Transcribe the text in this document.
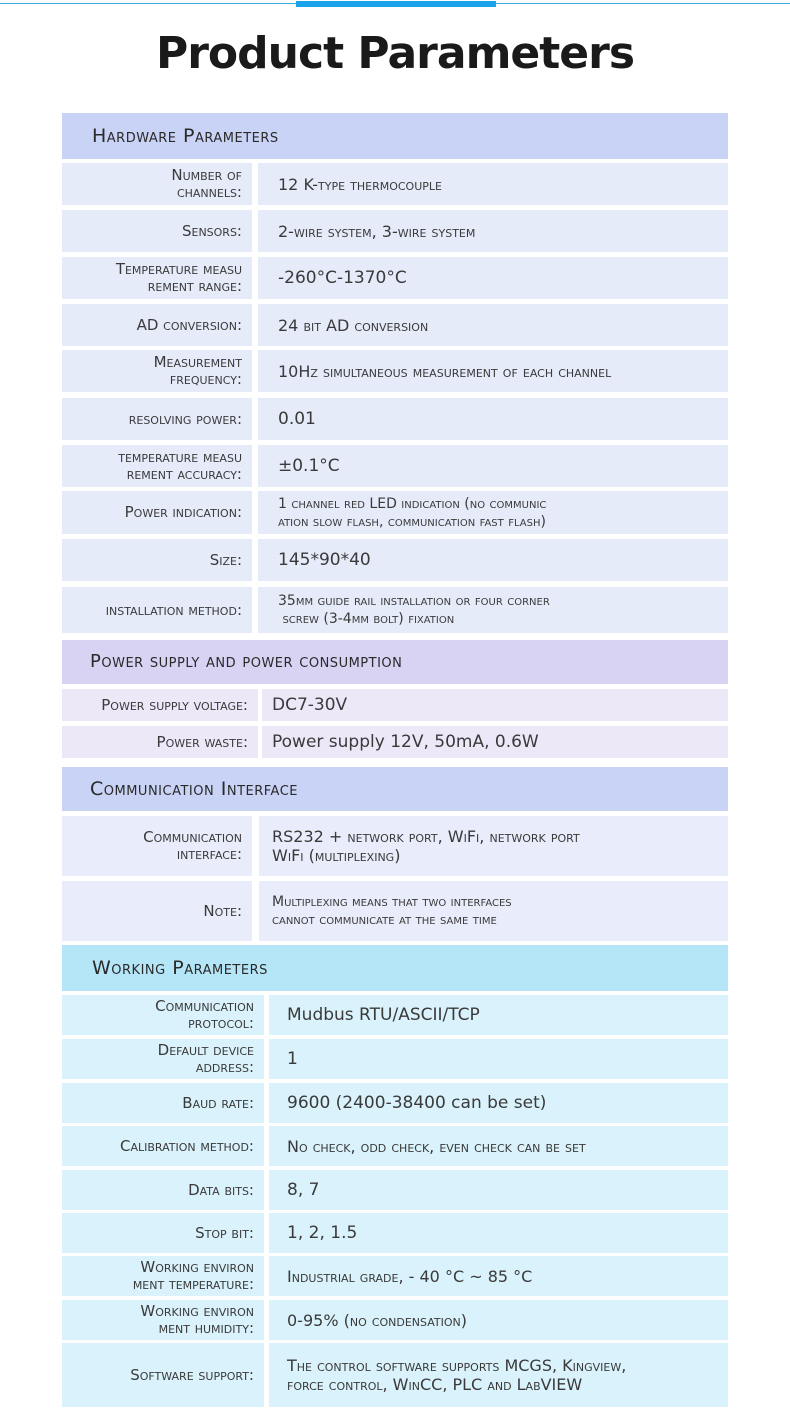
Product Parameters
Hardware Parameters
Number of
channels: 12 K-type thermocouple
Sensors: 2-wire system, 3-wire system
Temperature measu
rement range: -260°C-1370°C
AD conversion: 24 bit AD conversion
Measurement
frequency: 10Hz simultaneous measurement of each channel
resolving power: 0.01
temperature measu
rement accuracy: ±0.1°C
Power indication:	1 channel red LED indication (no communic
ation slow flash, communication fast flash)
Size: 145*90*40
installation method:	35mm guide rail installation or four corner
screw (3-4mm bolt) fixation
Power supply and power consumption
Power supply voltage: DC7-30V
Power waste: Power supply 12V, 50mA, 0.6W
Communication Interface
Communication
interface:
RS232 + network port, WiFi, network port
WiFi (multiplexing)
Note: Multiplexing means that two interfaces
cannot communicate at the same time
Working Parameters
Communication
protocol: Mudbus RTU/ASCII/TCP
Default device
address: 1
Baud rate: 9600 (2400-38400 can be set)
Calibration method: No check, odd check, even check can be set
Data bits: 8, 7
Stop bit: 1, 2, 1.5
Working environ
ment temperature: Industrial grade, - 40 °C ~ 85 °C
Working environ
ment humidity: 0-95% (no condensation)
Software support: The control software supports MCGS, Kingview,
force control, WinCC, PLC and LabVIEW
